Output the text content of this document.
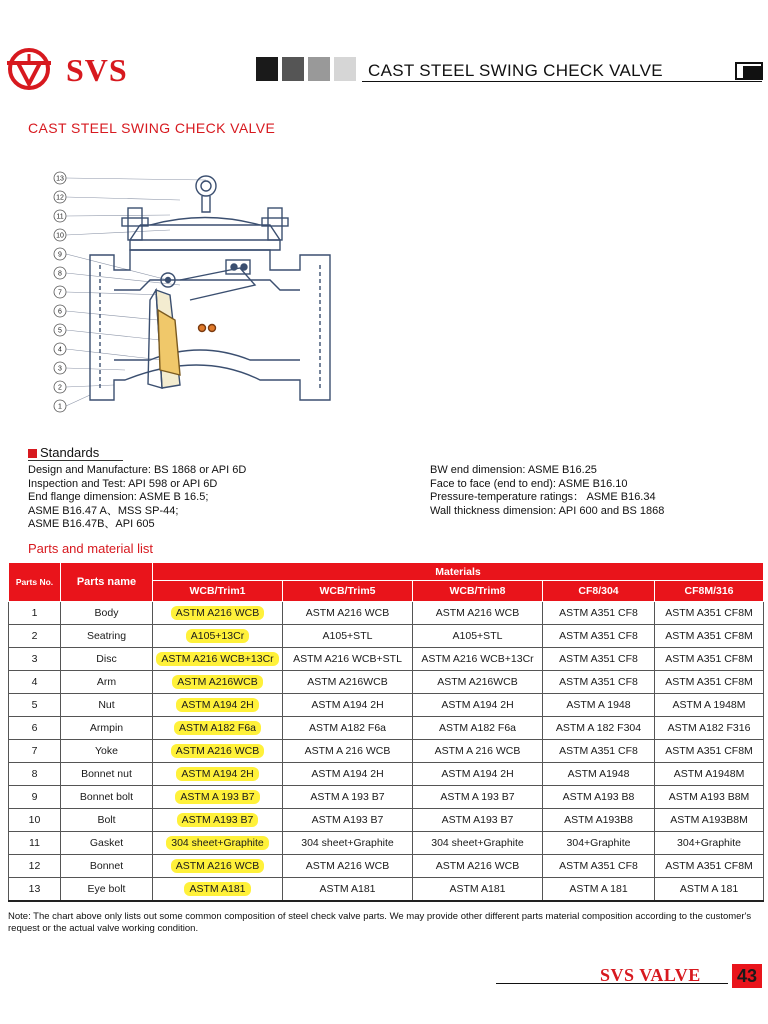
SVS	CAST STEEL SWING CHECK VALVE
CAST STEEL SWING CHECK VALVE
13
12
11
10
9
8
7
6
5
4
3
2
1
Standards
Design and Manufacture: BS 1868 or API 6D
Inspection and Test: API 598 or API 6D
End flange dimension: ASME B 16.5;
ASME B16.47 A、MSS SP-44;
ASME B16.47B、API 605
BW end dimension: ASME B16.25
Face to face (end to end): ASME B16.10
Pressure-temperature ratings： ASME B16.34
Wall thickness dimension: API 600 and BS 1868
Parts and material list
Parts No.	Parts name	Materials				
		WCB/Trim1	WCB/Trim5	WCB/Trim8	CF8/304	CF8M/316
1	Body	ASTM A216 WCB	ASTM A216 WCB	ASTM A216 WCB	ASTM A351 CF8	ASTM A351 CF8M
2	Seatring	A105+13Cr	A105+STL	A105+STL	ASTM A351 CF8	ASTM A351 CF8M
3	Disc	ASTM A216 WCB+13Cr	ASTM A216 WCB+STL	ASTM A216 WCB+13Cr	ASTM A351 CF8	ASTM A351 CF8M
4	Arm	ASTM A216WCB	ASTM A216WCB	ASTM A216WCB	ASTM A351 CF8	ASTM A351 CF8M
5	Nut	ASTM A194 2H	ASTM A194 2H	ASTM A194 2H	ASTM A 1948	ASTM A 1948M
6	Armpin	ASTM A182 F6a	ASTM A182 F6a	ASTM A182 F6a	ASTM A 182 F304	ASTM A182 F316
7	Yoke	ASTM A216 WCB	ASTM A 216 WCB	ASTM A 216 WCB	ASTM A351 CF8	ASTM A351 CF8M
8	Bonnet nut	ASTM A194 2H	ASTM A194 2H	ASTM A194 2H	ASTM A1948	ASTM A1948M
9	Bonnet bolt	ASTM A 193 B7	ASTM A 193 B7	ASTM A 193 B7	ASTM A193 B8	ASTM A193 B8M
10	Bolt	ASTM A193 B7	ASTM A193 B7	ASTM A193 B7	ASTM A193B8	ASTM A193B8M
11	Gasket	304 sheet+Graphite	304 sheet+Graphite	304 sheet+Graphite	304+Graphite	304+Graphite
12	Bonnet	ASTM A216 WCB	ASTM A216 WCB	ASTM A216 WCB	ASTM A351 CF8	ASTM A351 CF8M
13	Eye bolt	ASTM A181	ASTM A181	ASTM A181	ASTM A 181	ASTM A 181
Note: The chart above only lists out some common composition of steel check valve parts. We may provide other different parts material composition according to the customer's request or the actual valve working condition.
SVS VALVE 43
